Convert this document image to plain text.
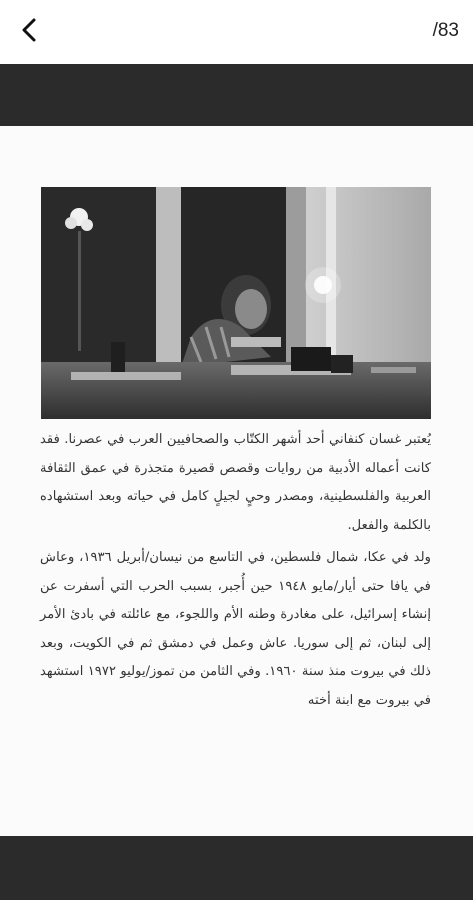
/83

يُعتبر غسان كنفاني أحد أشهر الكتّاب والصحافيين العرب في عصرنا. فقد كانت أعماله الأدبية من روايات وقصص قصيرة متجذرة في عمق الثقافة العربية والفلسطينية، ومصدر وحيٍ لجيلٍ كامل في حياته وبعد استشهاده بالكلمة والفعل.

ولد في عكا، شمال فلسطين، في التاسع من نيسان/أبريل ١٩٣٦، وعاش في يافا حتى أيار/مايو ١٩٤٨ حين أُجبر، بسبب الحرب التي أسفرت عن إنشاء إسرائيل، على مغادرة وطنه الأم واللجوء، مع عائلته في بادئ الأمر إلى لبنان، ثم إلى سوريا. عاش وعمل في دمشق ثم في الكويت، وبعد ذلك في بيروت منذ سنة ١٩٦٠. وفي الثامن من تموز/يوليو ١٩٧٢ استشهد في بيروت مع ابنة أخته
